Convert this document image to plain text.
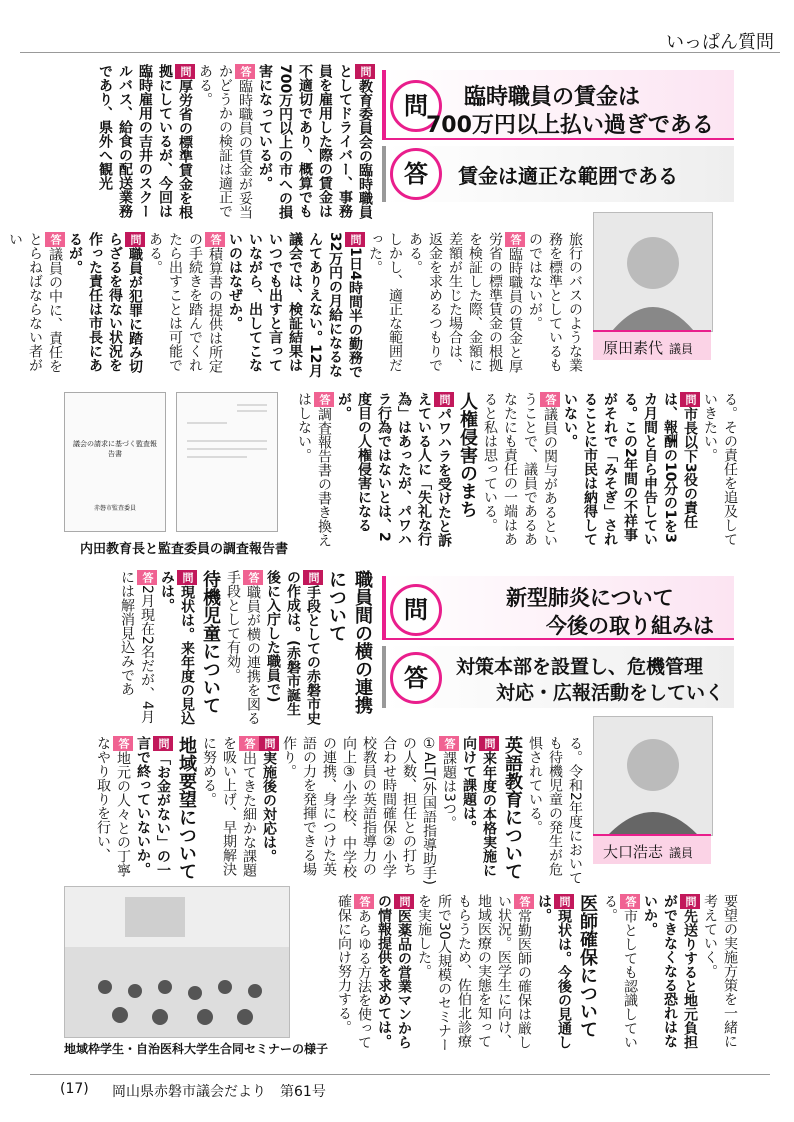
いっぱん質問
問	臨時職員の賃金は
700万円以上払い過ぎである
答	賃金は適正な範囲である
原田素代 議員

問教育委員会の臨時職員としてドライバー、事務員を雇用した際の賃金は不適切であり、概算でも700万円以上の市への損害になっているが。

答臨時職員の賃金が妥当かどうかの検証は適正である。

問厚労省の標準賃金を根拠にしているが、今回は臨時雇用の吉井のスクールバス、給食の配送業務であり、県外へ観光

旅行のバスのような業務を標準としているものではないが。

答臨時職員の賃金と厚労省の標準賃金の根拠を検証した際、金額に差額が生じた場合は、返金を求めるつもりである。

しかし、適正な範囲だった。

問1日4時間半の勤務で32万円の月給になるなんてありえない。12月議会では、検証結果はいつでも出すと言っていながら、出してこないのはなぜか。

答積算書の提供は所定の手続きを踏んでくれたら出すことは可能である。

問職員が犯罪に踏み切らざるを得ない状況を作った責任は市長にあるが。

答議員の中に、責任をとらねばならない者がい

る。その責任を追及していきたい。

問市長以下3役の責任は、報酬の10分の1を3カ月間と自ら申告している。この2年間の不祥事がそれで「みそぎ」されることに市民は納得していない。

答議員の関与があるということで、議員であるあなたにも責任の一端はあると私は思っている。

人権侵害のまち

問パワハラを受けたと訴えている人に「失礼な行為」はあったが、パワハラ行為ではないとは、2度目の人権侵害になるが。

答調査報告書の書き換えはしない。

議会の請求に基づく監査報告書
赤磐市監査委員
内田教育長と監査委員の調査報告書
問	新型肺炎について
今後の取り組みは
答	対策本部を設置し、危機管理
対応・広報活動をしていく
大口浩志 議員

職員間の横の連携について

問手段としての赤磐市史の作成は。(赤磐市誕生後に入庁した職員で)

答職員が横の連携を図る手段として有効。

待機児童について

問現状は。来年度の見込みは。

答2月現在2名だが、4月には解消見込みであ

る。令和2年度においても待機児童の発生が危惧されている。

英語教育について

問来年度の本格実施に向けて課題は。

答課題は3つ。①ALT(外国語指導助手)の人数、担任との打ち合わせ時間確保②小学校教員の英語指導力の向上③小学校、中学校の連携、身につけた英語の力を発揮できる場作り。

問実施後の対応は。

答出てきた細かな課題を吸い上げ、早期解決に努める。

地域要望について

問「お金がない」の一言で終っていないか。

答地元の人々との丁寧なやり取りを行い、

要望の実施方策を一緒に考えていく。

問先送りすると地元負担ができなくなる恐れはないか。

答市としても認識している。

医師確保について

問現状は。今後の見通しは。

答常勤医師の確保は厳しい状況。医学生に向け、地域医療の実態を知ってもらうため、佐伯北診療所で30人規模のセミナーを実施した。

問医薬品の営業マンからの情報提供を求めては。

答あらゆる方法を使って確保に向け努力する。

地域枠学生・自治医科大学生合同セミナーの様子
(17) 岡山県赤磐市議会だより　第61号
